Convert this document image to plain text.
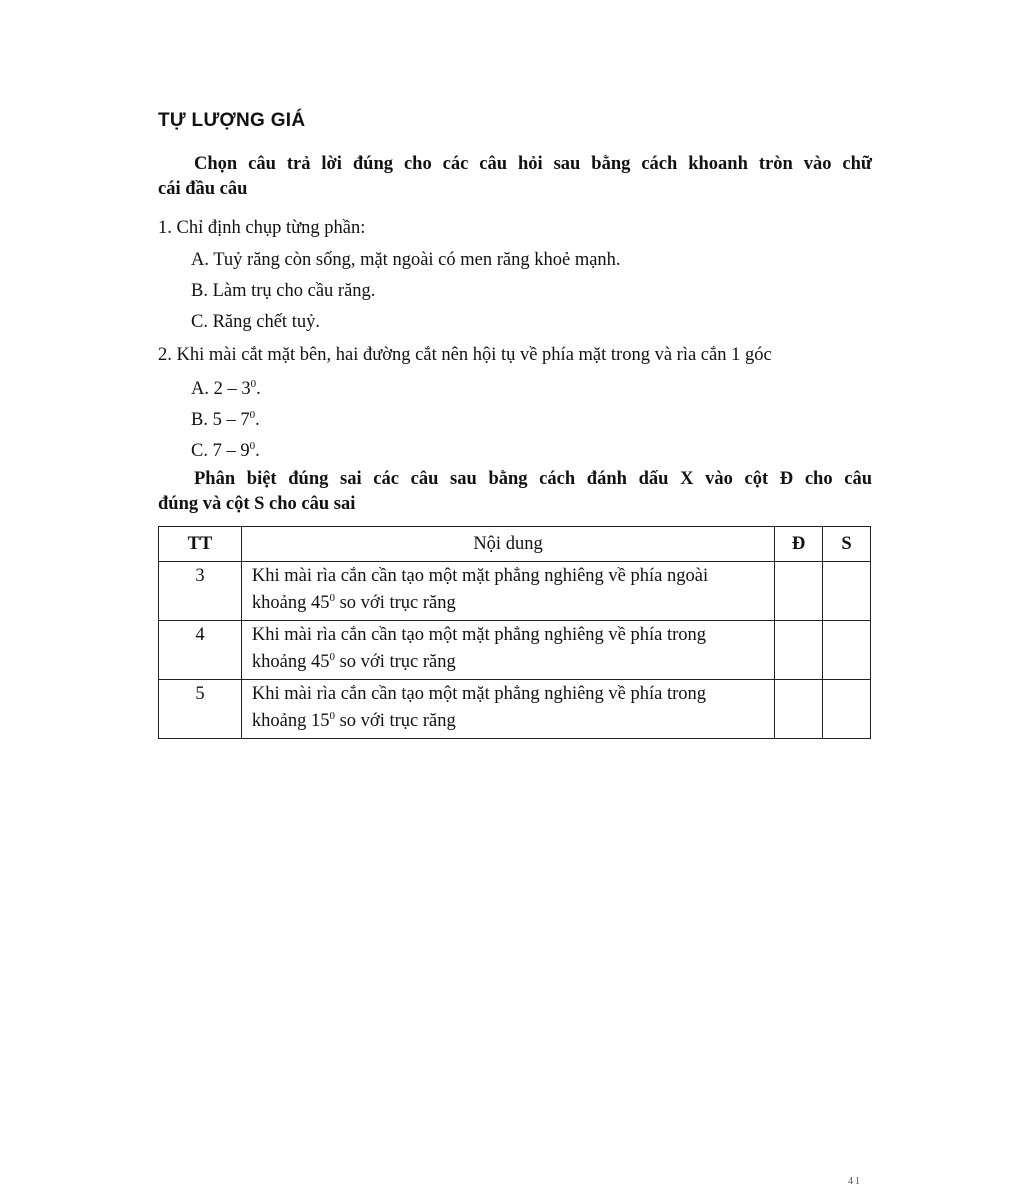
TỰ LƯỢNG GIÁ
Chọn câu trả lời đúng cho các câu hỏi sau bằng cách khoanh tròn vào chữ
cái đầu câu
1. Chỉ định chụp từng phần:
A. Tuỷ răng còn sống, mặt ngoài có men răng khoẻ mạnh.
B. Làm trụ cho cầu răng.
C. Răng chết tuỷ.
2. Khi mài cắt mặt bên, hai đường cắt nên hội tụ về phía mặt trong và rìa cắn 1 góc
A. $2 - 3^0$.
B. $5 - 7^0$.
C. $7 - 9^0$.
Phân biệt đúng sai các câu sau bằng cách đánh dấu X vào cột Đ cho câu
đúng và cột S cho câu sai
TT	Nội dung	Đ	S
3	Khi mài rìa cắn cần tạo một mặt phẳng nghiêng về phía ngoài
khoảng $45^0$ so với trục răng		

4	Khi mài rìa cắn cần tạo một mặt phẳng nghiêng về phía trong
khoảng $45^0$ so với trục răng		

5	Khi mài rìa cắn cần tạo một mặt phẳng nghiêng về phía trong
khoảng $15^0$ so với trục răng		

41
